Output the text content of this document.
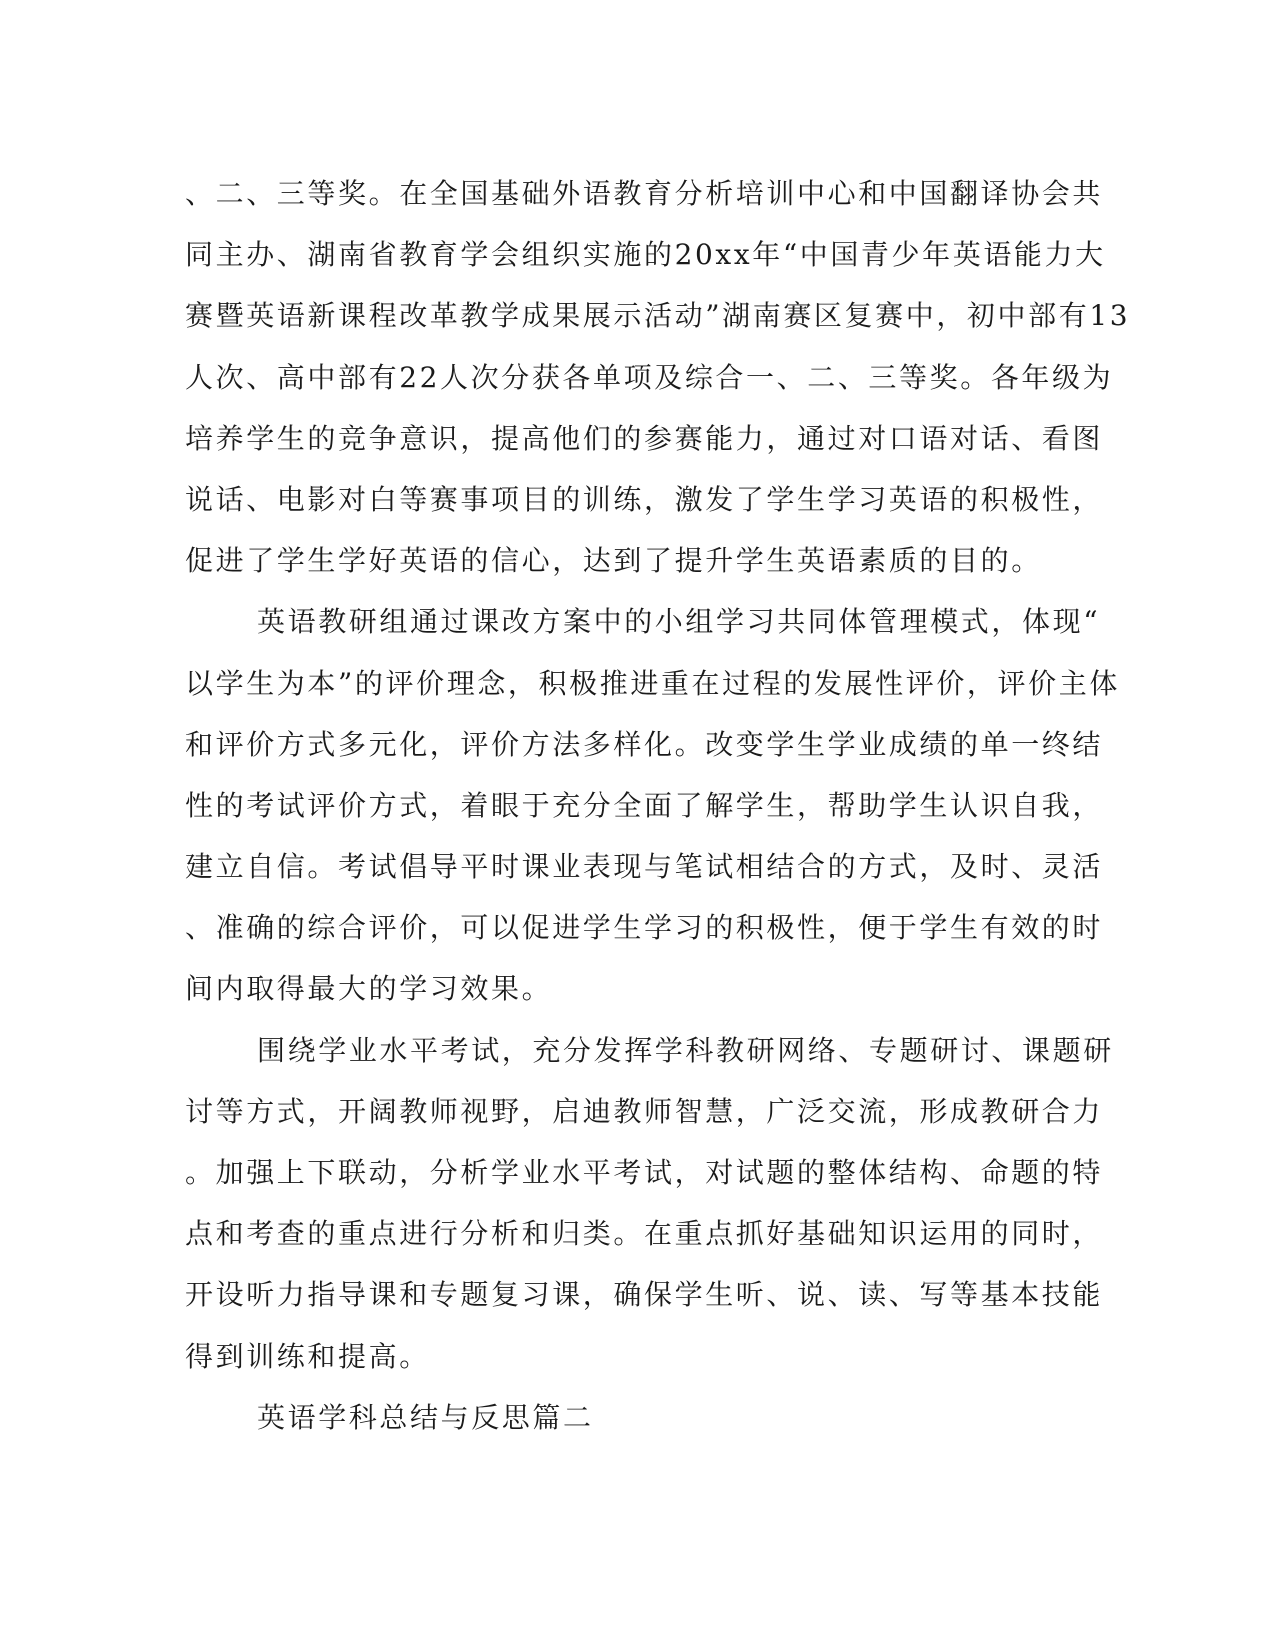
、二、三等奖。在全国基础外语教育分析培训中心和中国翻译协会共
同主办、湖南省教育学会组织实施的20xx年“中国青少年英语能力大
赛暨英语新课程改革教学成果展示活动”湖南赛区复赛中，初中部有13
人次、高中部有22人次分获各单项及综合一、二、三等奖。各年级为
培养学生的竞争意识，提高他们的参赛能力，通过对口语对话、看图
说话、电影对白等赛事项目的训练，激发了学生学习英语的积极性，
促进了学生学好英语的信心，达到了提升学生英语素质的目的。
英语教研组通过课改方案中的小组学习共同体管理模式，体现“
以学生为本”的评价理念，积极推进重在过程的发展性评价，评价主体
和评价方式多元化，评价方法多样化。改变学生学业成绩的单一终结
性的考试评价方式，着眼于充分全面了解学生，帮助学生认识自我，
建立自信。考试倡导平时课业表现与笔试相结合的方式，及时、灵活
、准确的综合评价，可以促进学生学习的积极性，便于学生有效的时
间内取得最大的学习效果。
围绕学业水平考试，充分发挥学科教研网络、专题研讨、课题研
讨等方式，开阔教师视野，启迪教师智慧，广泛交流，形成教研合力
。加强上下联动，分析学业水平考试，对试题的整体结构、命题的特
点和考查的重点进行分析和归类。在重点抓好基础知识运用的同时，
开设听力指导课和专题复习课，确保学生听、说、读、写等基本技能
得到训练和提高。
英语学科总结与反思篇二
